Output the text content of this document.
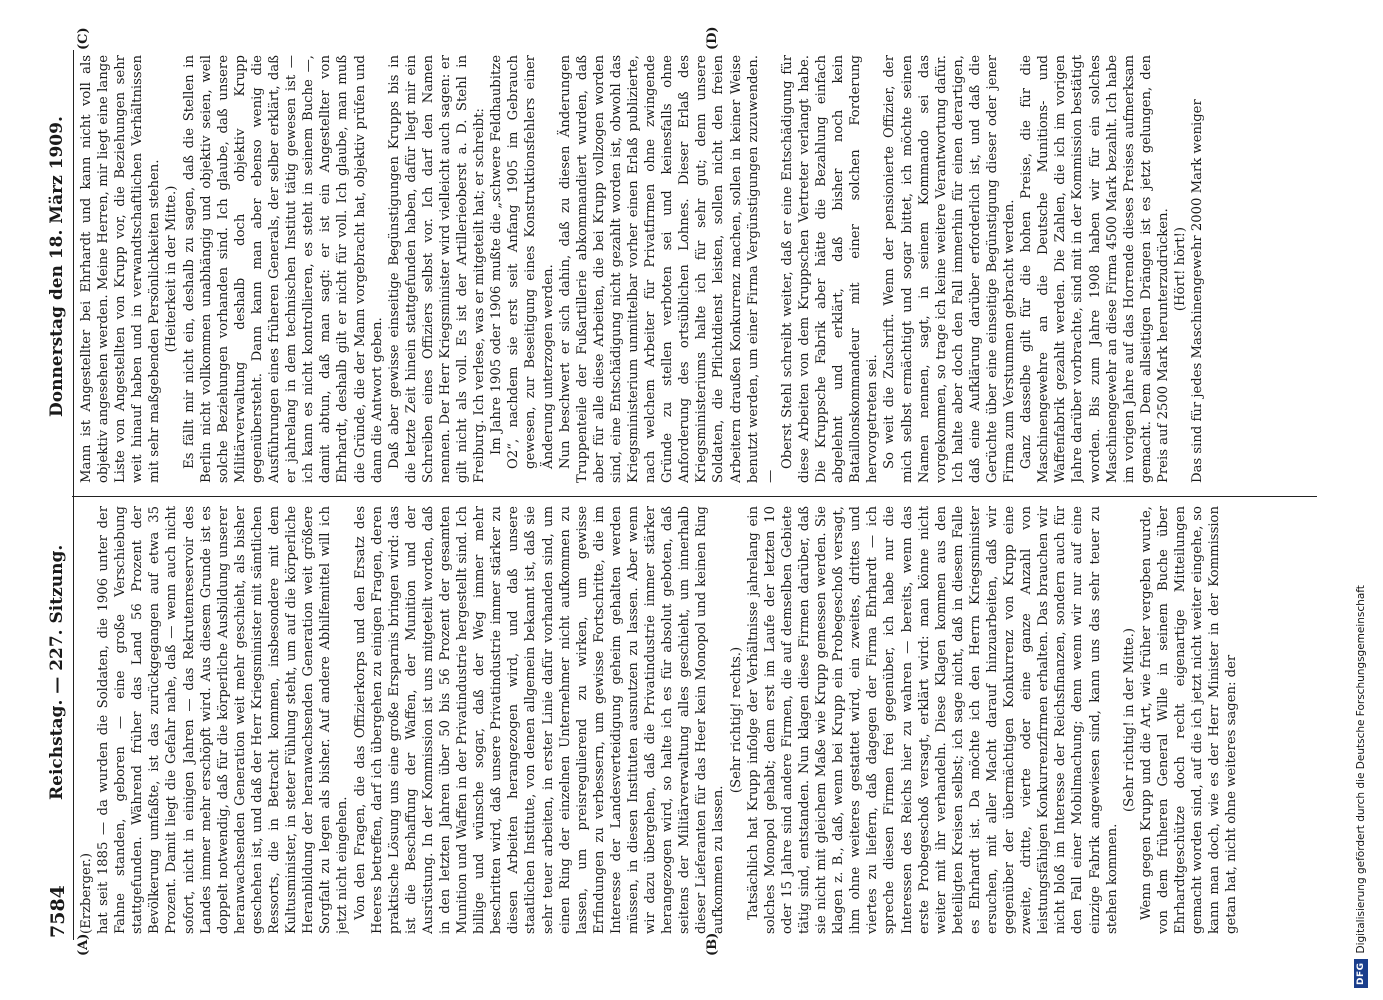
7584
Reichstag. — 227. Sitzung.
Donnerstag den 18. März 1909.
(A)	(B)
(C)	(D)

(Erzberger.) hat seit 1885 — da wurden die Soldaten, die 1906 unter der Fahne standen, geboren — eine große Verschiebung stattgefunden. Während früher das Land 56 Prozent der Bevölkerung umfaßte, ist das zurückgegangen auf etwa 35 Prozent. Damit liegt die Gefahr nahe, daß — wenn auch nicht sofort, nicht in einigen Jahren — das Rekrutenreservoir des Landes immer mehr erschöpft wird. Aus diesem Grunde ist es doppelt notwendig, daß für die körperliche Ausbildung unserer heranwachsenden Generation weit mehr geschieht, als bisher geschehen ist, und daß der Herr Kriegsminister mit sämtlichen Ressorts, die in Betracht kommen, insbesondere mit dem Kultusminister, in steter Fühlung steht, um auf die körperliche Heranbildung der heranwachsenden Generation weit größere Sorgfalt zu legen als bisher. Auf andere Abhilfemittel will ich jetzt nicht eingehen. Von den Fragen, die das Offizierkorps und den Ersatz des Heeres betreffen, darf ich übergehen zu einigen Fragen, deren praktische Lösung uns eine große Ersparnis bringen wird: das ist die Beschaffung der Waffen, der Munition und der Ausrüstung. In der Kommission ist uns mitgeteilt worden, daß in den letzten Jahren über 50 bis 56 Prozent der gesamten Munition und Waffen in der Privatindustrie hergestellt sind. Ich billige und wünsche sogar, daß der Weg immer mehr beschritten wird, daß unsere Privatindustrie immer stärker zu diesen Arbeiten herangezogen wird, und daß unsere staatlichen Institute, von denen allgemein bekannt ist, daß sie sehr teuer arbeiten, in erster Linie dafür vorhanden sind, um einen Ring der einzelnen Unternehmer nicht aufkommen zu lassen, um preisregulierend zu wirken, um gewisse Erfindungen zu verbessern, um gewisse Fortschritte, die im Interesse der Landesverteidigung geheim gehalten werden müssen, in diesen Instituten ausnutzen zu lassen. Aber wenn wir dazu übergehen, daß die Privatindustrie immer stärker herangezogen wird, so halte ich es für absolut geboten, daß seitens der Militärverwaltung alles geschieht, um innerhalb dieser Lieferanten für das Heer kein Monopol und keinen Ring aufkommen zu lassen.

(Sehr richtig! rechts.) Tatsächlich hat Krupp infolge der Verhältnisse jahrelang ein solches Monopol gehabt; denn erst im Laufe der letzten 10 oder 15 Jahre sind andere Firmen, die auf demselben Gebiete tätig sind, entstanden. Nun klagen diese Firmen darüber, daß sie nicht mit gleichem Maße wie Krupp gemessen werden. Sie klagen z. B., daß, wenn bei Krupp ein Probegeschoß versagt, ihm ohne weiteres gestattet wird, ein zweites, drittes und viertes zu liefern, daß dagegen der Firma Ehrhardt — ich spreche diesen Firmen frei gegenüber, ich habe nur die Interessen des Reichs hier zu wahren — bereits, wenn das erste Probegeschoß versagt, erklärt wird: man könne nicht weiter mit ihr verhandeln. Diese Klagen kommen aus den beteiligten Kreisen selbst; ich sage nicht, daß in diesem Falle es Ehrhardt ist. Da möchte ich den Herrn Kriegsminister ersuchen, mit aller Macht darauf hinzuarbeiten, daß wir gegenüber der übermächtigen Konkurrenz von Krupp eine zweite, dritte, vierte oder eine ganze Anzahl von leistungsfähigen Konkurrenzfirmen erhalten. Das brauchen wir nicht bloß im Interesse der Reichsfinanzen, sondern auch für den Fall einer Mobilmachung; denn wenn wir nur auf eine einzige Fabrik angewiesen sind, kann uns das sehr teuer zu stehen kommen.

(Sehr richtig! in der Mitte.) Wenn gegen Krupp und die Art, wie früher vergeben wurde, von dem früheren General Wille in seinem Buche über Ehrhardtgeschütze doch recht eigenartige Mitteilungen gemacht worden sind, auf die ich jetzt nicht weiter eingehe, so kann man doch, wie es der Herr Minister in der Kommission getan hat, nicht ohne weiteres sagen: der

Mann ist Angestellter bei Ehrhardt und kann nicht voll als objektiv angesehen werden. Meine Herren, mir liegt eine lange Liste von Angestellten von Krupp vor, die Beziehungen sehr weit hinauf haben und in verwandtschaftlichen Verhältnissen mit sehr maßgebenden Persönlichkeiten stehen. (Heiterkeit in der Mitte.) Es fällt mir nicht ein, deshalb zu sagen, daß die Stellen in Berlin nicht vollkommen unabhängig und objektiv seien, weil solche Beziehungen vorhanden sind. Ich glaube, daß unsere Militärverwaltung deshalb doch objektiv Krupp gegenübersteht. Dann kann man aber ebenso wenig die Ausführungen eines früheren Generals, der selber erklärt, daß er jahrelang in dem technischen Institut tätig gewesen ist — ich kann es nicht kontrollieren, es steht in seinem Buche —, damit abtun, daß man sagt: er ist ein Angestellter von Ehrhardt, deshalb gilt er nicht für voll. Ich glaube, man muß die Gründe, die der Mann vorgebracht hat, objektiv prüfen und dann die Antwort geben. Daß aber gewisse einseitige Begünstigungen Krupps bis in die letzte Zeit hinein stattgefunden haben, dafür liegt mir ein Schreiben eines Offiziers selbst vor. Ich darf den Namen nennen. Der Herr Kriegsminister wird vielleicht auch sagen: er gilt nicht als voll. Es ist der Artillerieoberst a. D. Stehl in Freiburg. Ich verlese, was er mitgeteilt hat; er schreibt: Im Jahre 1905 oder 1906 mußte die „schwere Feldhaubitze O2“, nachdem sie erst seit Anfang 1905 im Gebrauch gewesen, zur Beseitigung eines Konstruktionsfehlers einer Änderung unterzogen werden. Nun beschwert er sich dahin, daß zu diesen Änderungen Truppenteile der Fußartillerie abkommandiert wurden, daß aber für alle diese Arbeiten, die bei Krupp vollzogen worden sind, eine Entschädigung nicht gezahlt worden ist, obwohl das Kriegsministerium unmittelbar vorher einen Erlaß publizierte, nach welchem Arbeiter für Privatfirmen ohne zwingende Gründe zu stellen verboten sei und keinesfalls ohne Anforderung des ortsüblichen Lohnes. Dieser Erlaß des Kriegsministeriums halte ich für sehr gut; denn unsere Soldaten, die Pflichtdienst leisten, sollen nicht den freien Arbeitern draußen Konkurrenz machen, sollen in keiner Weise benutzt werden, um einer Firma Vergünstigungen zuzuwenden. —

Oberst Stehl schreibt weiter, daß er eine Entschädigung für diese Arbeiten von dem Kruppschen Vertreter verlangt habe. Die Kruppsche Fabrik aber hätte die Bezahlung einfach abgelehnt und erklärt, daß bisher noch kein Bataillonskommandeur mit einer solchen Forderung hervorgetreten sei. So weit die Zuschrift. Wenn der pensionierte Offizier, der mich selbst ermächtigt und sogar bittet, ich möchte seinen Namen nennen, sagt, in seinem Kommando sei das vorgekommen, so trage ich keine weitere Verantwortung dafür. Ich halte aber doch den Fall immerhin für einen derartigen, daß eine Aufklärung darüber erforderlich ist, und daß die Gerüchte über eine einseitige Begünstigung dieser oder jener Firma zum Verstummen gebracht werden. Ganz dasselbe gilt für die hohen Preise, die für die Maschinengewehre an die Deutsche Munitions- und Waffenfabrik gezahlt werden. Die Zahlen, die ich im vorigen Jahre darüber vorbrachte, sind mit in der Kommission bestätigt worden. Bis zum Jahre 1908 haben wir für ein solches Maschinengewehr an diese Firma 4500 Mark bezahlt. Ich habe im vorigen Jahre auf das Horrende dieses Preises aufmerksam gemacht. Dem allseitigen Drängen ist es jetzt gelungen, den Preis auf 2500 Mark herunterzudrücken. (Hört! hört!) Das sind für jedes Maschinengewehr 2000 Mark weniger

DFG
Digitalisierung gefördert durch die Deutsche Forschungsgemeinschaft
